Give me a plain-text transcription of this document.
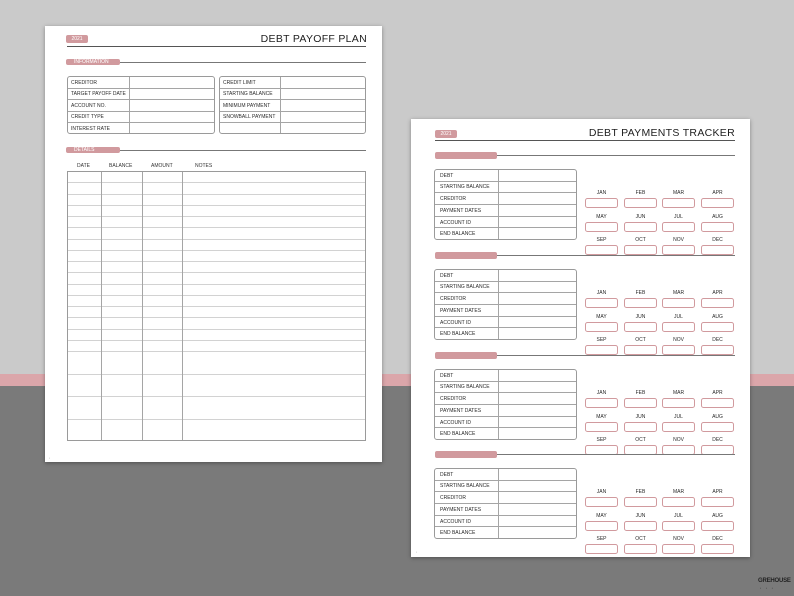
2021	DEBT PAYOFF PLAN
INFORMATION
CREDITOR
TARGET PAYOFF DATE
ACCOUNT NO.
CREDIT TYPE
INTEREST RATE
CREDIT LIMIT
STARTING BALANCE
MINIMUM PAYMENT
SNOWBALL PAYMENT
DETAILS
DATE	BALANCE	AMOUNT	NOTES
▪
2021	DEBT PAYMENTS TRACKER
DEBT
STARTING BALANCE
CREDITOR
PAYMENT DATES
ACCOUNT ID
END BALANCE
JAN	FEB	MAR	APR
MAY	JUN	JUL	AUG
SEP	OCT	NOV	DEC
DEBT
STARTING BALANCE
CREDITOR
PAYMENT DATES
ACCOUNT ID
END BALANCE
JAN	FEB	MAR	APR
MAY	JUN	JUL	AUG
SEP	OCT	NOV	DEC
DEBT
STARTING BALANCE
CREDITOR
PAYMENT DATES
ACCOUNT ID
END BALANCE
JAN	FEB	MAR	APR
MAY	JUN	JUL	AUG
SEP	OCT	NOV	DEC
DEBT
STARTING BALANCE
CREDITOR
PAYMENT DATES
ACCOUNT ID
END BALANCE
JAN	FEB	MAR	APR
MAY	JUN	JUL	AUG
SEP	OCT	NOV	DEC
▪
GREHOUSE
• • •
